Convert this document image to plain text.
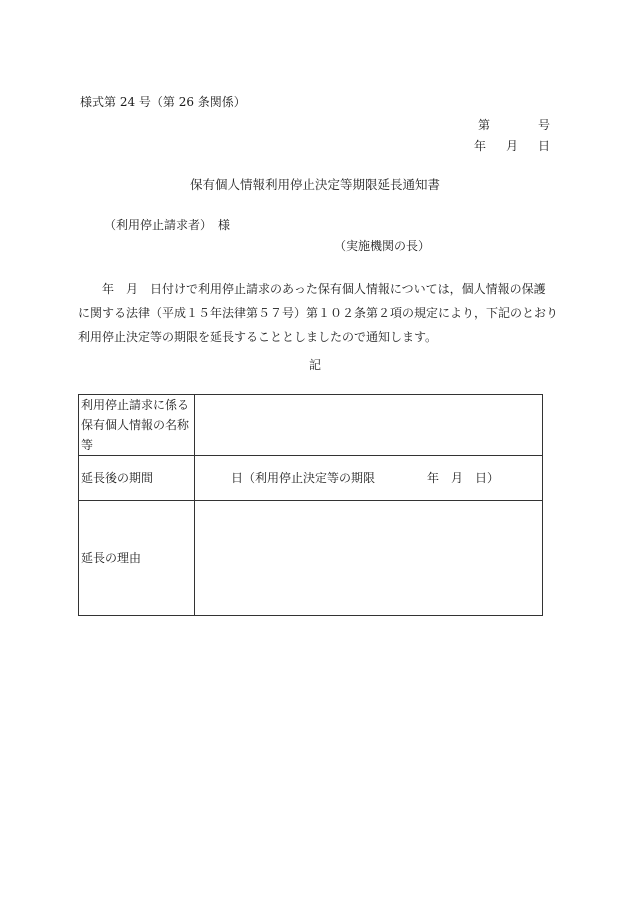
様式第 24 号（第 26 条関係）
第	号
年 月 日
保有個人情報利用停止決定等期限延長通知書
（利用停止請求者）　様
（実施機関の長）
　　年　月　日付けで利用停止請求のあった保有個人情報については，個人情報の保護
に関する法律（平成１５年法律第５７号）第１０２条第２項の規定により，下記のとおり
利用停止決定等の期限を延長することとしましたので通知します。
記
利用停止請求に係る保有個人情報の名称等	
延長後の期間	日（利用停止決定等の期限 年　月　日）
延長の理由	
